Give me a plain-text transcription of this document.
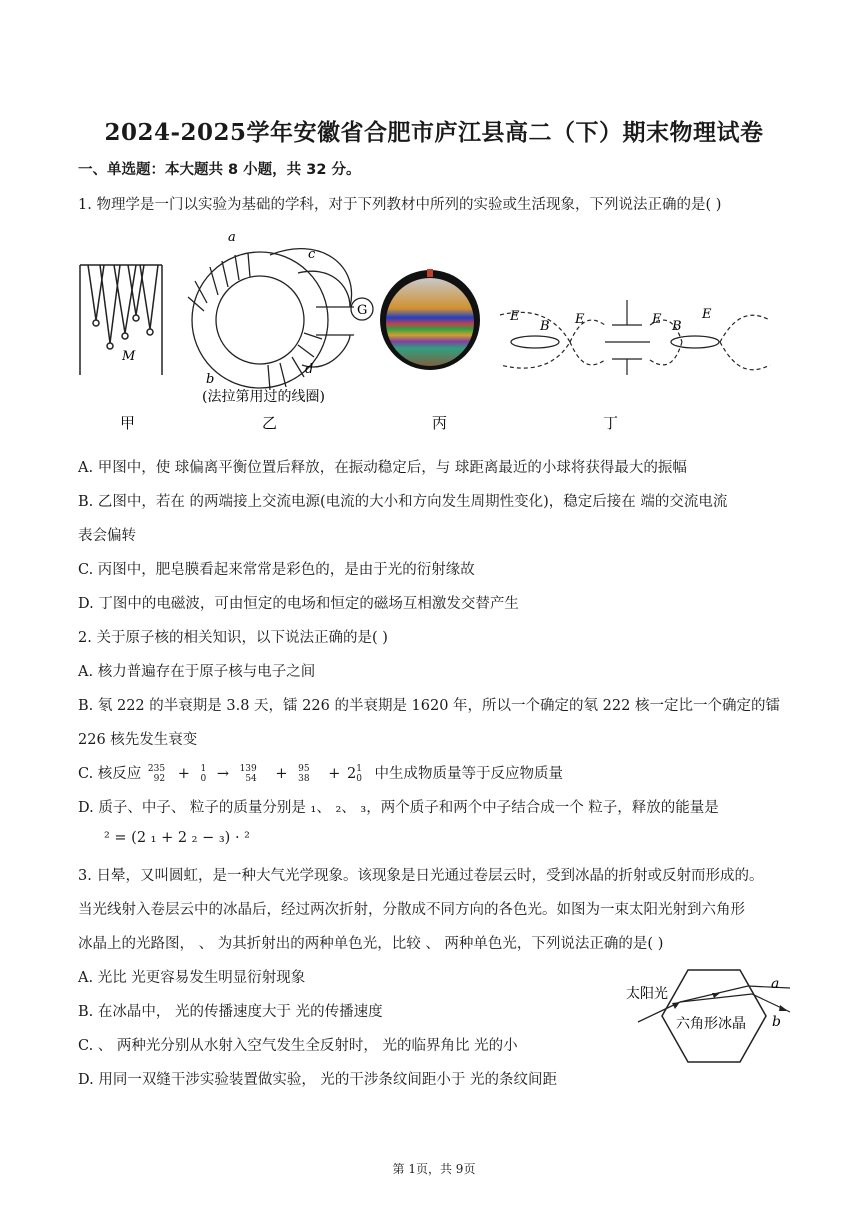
2024-2025学年安徽省合肥市庐江县高二（下）期末物理试卷
一、单选题：本大题共 8 小题，共 32 分。
1. 物理学是一门以实验为基础的学科，对于下列教材中所列的实验或生活现象，下列说法正确的是( )
M
甲
G
a
c
d
b
(法拉第用过的线圈)
乙	丙
E
B E	E B
E
丁
A. 甲图中，使 球偏离平衡位置后释放，在振动稳定后，与 球距离最近的小球将获得最大的振幅
B. 乙图中，若在 的两端接上交流电源(电流的大小和方向发生周期性变化)，稳定后接在 端的交流电流
表会偏转
C. 丙图中，肥皂膜看起来常常是彩色的，是由于光的衍射缘故
D. 丁图中的电磁波，可由恒定的电场和恒定的磁场互相激发交替产生
2. 关于原子核的相关知识，以下说法正确的是( )
A. 核力普遍存在于原子核与电子之间
B. 氡 222 的半衰期是 3.8 天，镭 226 的半衰期是 1620 年，所以一个确定的氡 222 核一定比一个确定的镭
226 核先发生衰变
C. 核反应 235
92 + 1
0 → 139
54 + 95
38 + 21
0 中生成物质量等于反应物质量
D. 质子、中子、 粒子的质量分别是 ₁、 ₂、 ₃，两个质子和两个中子结合成一个 粒子，释放的能量是
² = (2 ₁ + 2 ₂ − ₃) · ²
3. 日晕，又叫圆虹，是一种大气光学现象。该现象是日光通过卷层云时，受到冰晶的折射或反射而形成的。
当光线射入卷层云中的冰晶后，经过两次折射，分散成不同方向的各色光。如图为一束太阳光射到六角形
冰晶上的光路图， 、 为其折射出的两种单色光，比较 、 两种单色光，下列说法正确的是( )
A. 光比 光更容易发生明显衍射现象
B. 在冰晶中， 光的传播速度大于 光的传播速度
C. 、 两种光分别从水射入空气发生全反射时， 光的临界角比 光的小
D. 用同一双缝干涉实验装置做实验， 光的干涉条纹间距小于 光的条纹间距
太阳光
六角形冰晶
a
b
第 1页，共 9页
